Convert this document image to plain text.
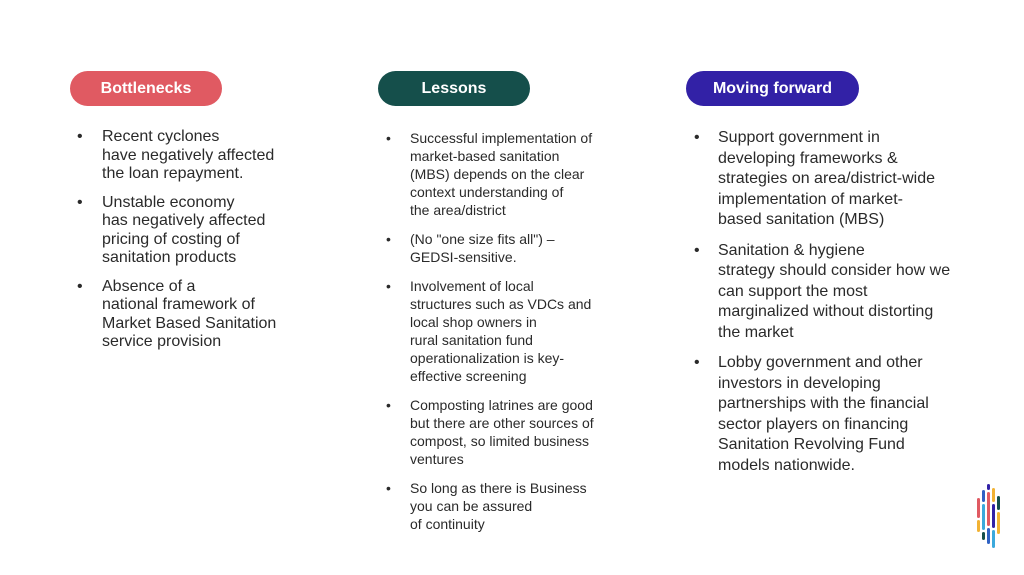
Bottlenecks	Lessons	Moving forward
• Recent cyclones
have negatively affected
the loan repayment.
• Unstable economy
has negatively affected
pricing of costing of
sanitation products
• Absence of a
national framework of
Market Based Sanitation
service provision
• Successful implementation of
market-based sanitation
(MBS) depends on the clear
context understanding of
the area/district
• (No "one size fits all") –
GEDSI-sensitive.
• Involvement of local
structures such as VDCs and
local shop owners in
rural sanitation fund
operationalization is key-
effective screening
• Composting latrines are good
but there are other sources of
compost, so limited business
ventures
• So long as there is Business
you can be assured
of continuity
• Support government in
developing frameworks &
strategies on area/district-wide
implementation of market-
based sanitation (MBS)
• Sanitation & hygiene
strategy should consider how we
can support the most
marginalized without distorting
the market
• Lobby government and other
investors in developing
partnerships with the financial
sector players on financing
Sanitation Revolving Fund
models nationwide.
